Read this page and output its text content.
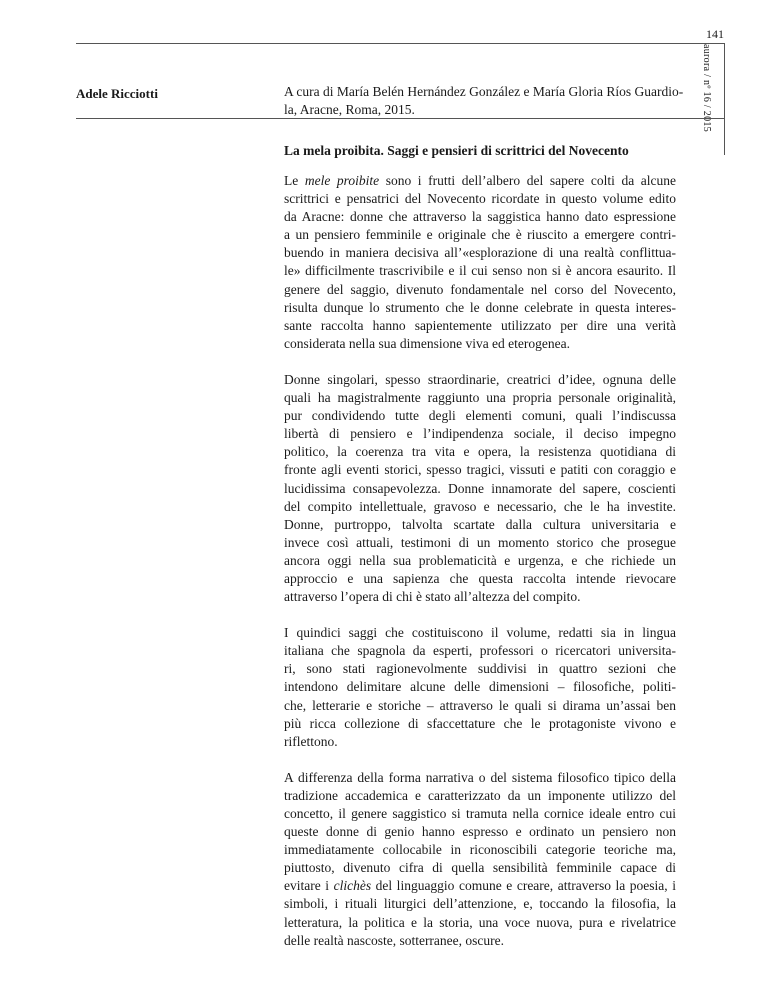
141
aurora / nº 16 / 2015
Adele Ricciotti	A cura di María Belén Hernández González e María Gloria Ríos Guardio-
la, Aracne, Roma, 2015.
La mela proibita. Saggi e pensieri di scrittrici del Novecento

Le mele proibite sono i frutti dell’albero del sapere colti da alcune
scrittrici e pensatrici del Novecento ricordate in questo volume edito
da Aracne: donne che attraverso la saggistica hanno dato espressione
a un pensiero femminile e originale che è riuscito a emergere contri-
buendo in maniera decisiva all’«esplorazione di una realtà conflittua-
le» difficilmente trascrivibile e il cui senso non si è ancora esaurito. Il
genere del saggio, divenuto fondamentale nel corso del Novecento,
risulta dunque lo strumento che le donne celebrate in questa interes-
sante raccolta hanno sapientemente utilizzato per dire una verità
considerata nella sua dimensione viva ed eterogenea.

Donne singolari, spesso straordinarie, creatrici d’idee, ognuna delle
quali ha magistralmente raggiunto una propria personale originalità,
pur condividendo tutte degli elementi comuni, quali l’indiscussa
libertà di pensiero e l’indipendenza sociale, il deciso impegno
politico, la coerenza tra vita e opera, la resistenza quotidiana di
fronte agli eventi storici, spesso tragici, vissuti e patiti con coraggio e
lucidissima consapevolezza. Donne innamorate del sapere, coscienti
del compito intellettuale, gravoso e necessario, che le ha investite.
Donne, purtroppo, talvolta scartate dalla cultura universitaria e
invece così attuali, testimoni di un momento storico che prosegue
ancora oggi nella sua problematicità e urgenza, e che richiede un
approccio e una sapienza che questa raccolta intende rievocare
attraverso l’opera di chi è stato all’altezza del compito.

I quindici saggi che costituiscono il volume, redatti sia in lingua
italiana che spagnola da esperti, professori o ricercatori universita-
ri, sono stati ragionevolmente suddivisi in quattro sezioni che
intendono delimitare alcune delle dimensioni – filosofiche, politi-
che, letterarie e storiche – attraverso le quali si dirama un’assai ben
più ricca collezione di sfaccettature che le protagoniste vivono e
riflettono.

A differenza della forma narrativa o del sistema filosofico tipico della
tradizione accademica e caratterizzato da un imponente utilizzo del
concetto, il genere saggistico si tramuta nella cornice ideale entro cui
queste donne di genio hanno espresso e ordinato un pensiero non
immediatamente collocabile in riconoscibili categorie teoriche ma,
piuttosto, divenuto cifra di quella sensibilità femminile capace di
evitare i clichès del linguaggio comune e creare, attraverso la poesia, i
simboli, i rituali liturgici dell’attenzione, e, toccando la filosofia, la
letteratura, la politica e la storia, una voce nuova, pura e rivelatrice
delle realtà nascoste, sotterranee, oscure.
